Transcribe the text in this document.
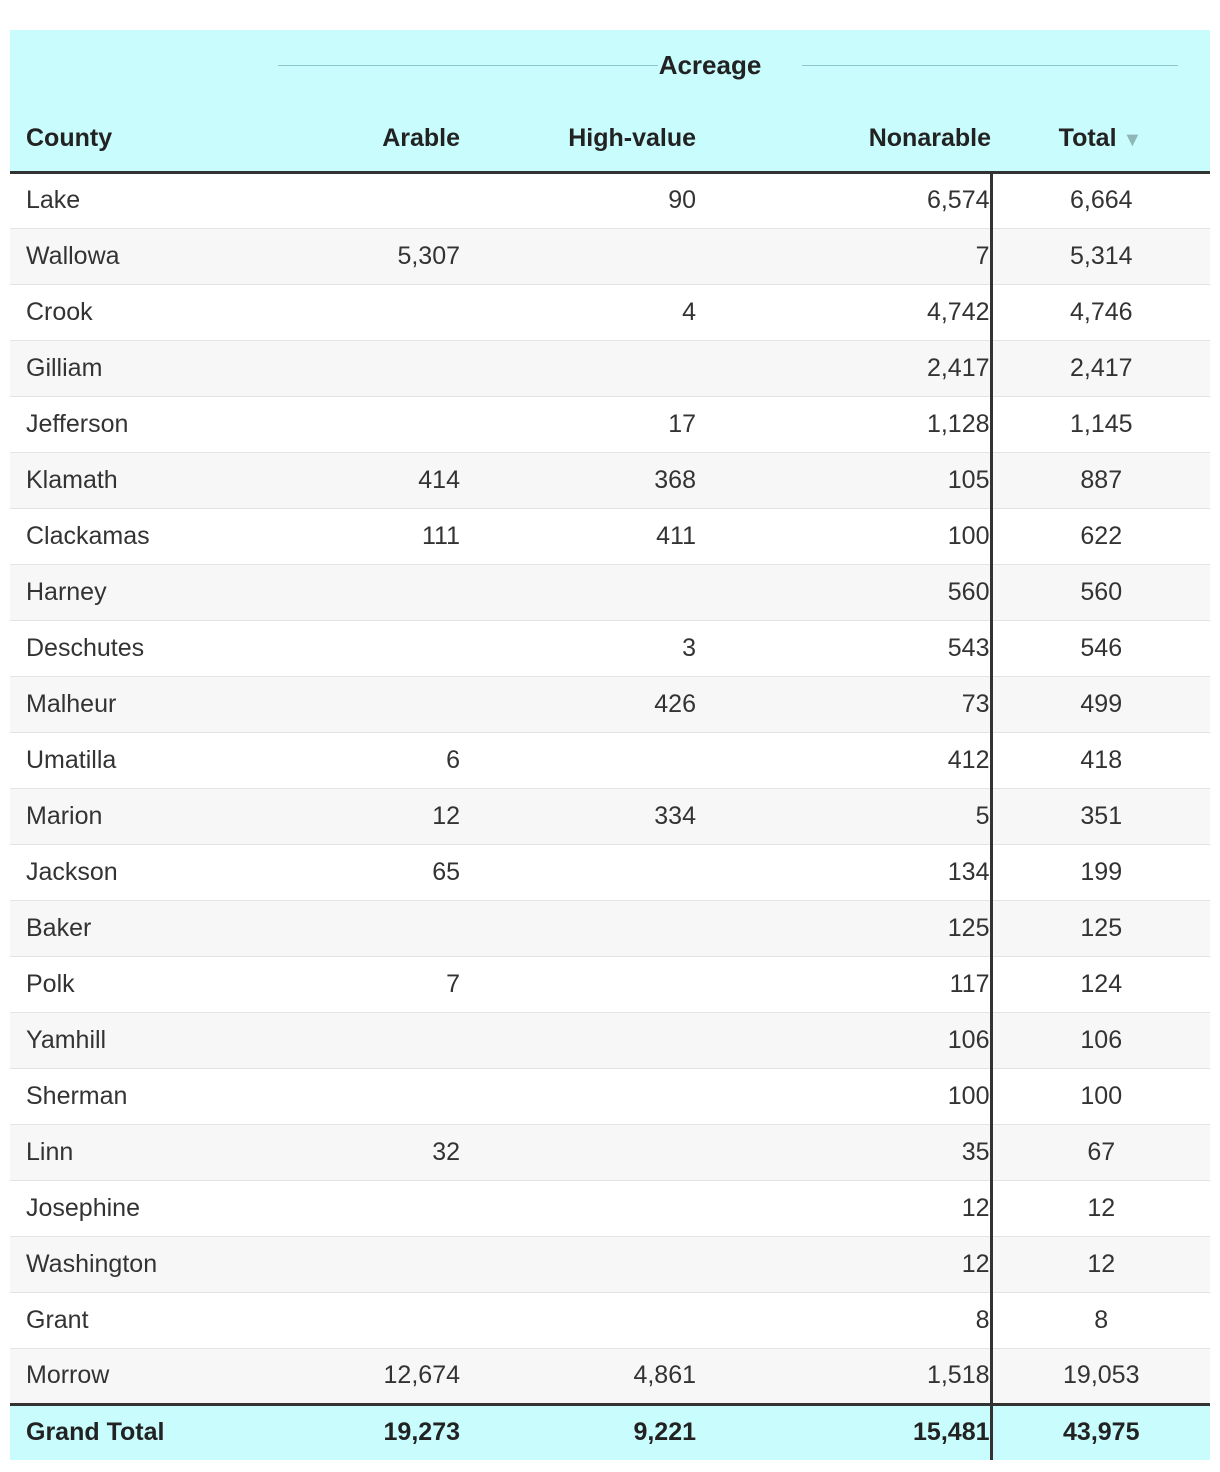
	Acreage			

County	Arable	High-value	Nonarable	Total ▼
Lake		90	6,574	6,664
Wallowa	5,307		7	5,314
Crook		4	4,742	4,746
Gilliam			2,417	2,417
Jefferson		17	1,128	1,145
Klamath	414	368	105	887
Clackamas	111	411	100	622
Harney			560	560
Deschutes		3	543	546
Malheur		426	73	499
Umatilla	6		412	418
Marion	12	334	5	351
Jackson	65		134	199
Baker			125	125
Polk	7		117	124
Yamhill			106	106
Sherman			100	100
Linn	32		35	67
Josephine			12	12
Washington			12	12
Grant			8	8
Morrow	12,674	4,861	1,518	19,053
Grand Total	19,273	9,221	15,481	43,975
